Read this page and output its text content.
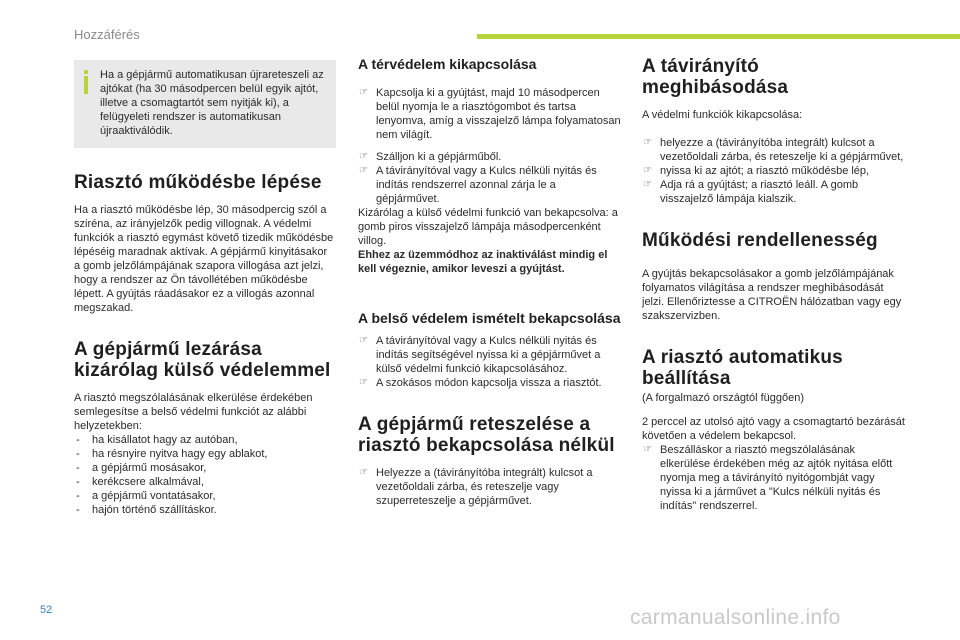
Hozzáférés
Ha a gépjármű automatikusan újrareteszeli az ajtókat (ha 30 másodpercen belül egyik ajtót, illetve a csomagtartót sem nyitják ki), a felügyeleti rendszer is automatikusan újraaktiválódik.
Riasztó működésbe lépése

Ha a riasztó működésbe lép, 30 másodpercig szól a sziréna, az irányjelzők pedig villognak. A védelmi funkciók a riasztó egymást követő tizedik működésbe lépéséig maradnak aktívak. A gépjármű kinyitásakor a gomb jelzőlámpájának szapora villogása azt jelzi, hogy a rendszer az Ön távollétében működésbe lépett. A gyújtás ráadásakor ez a villogás azonnal megszakad.

A gépjármű lezárása kizárólag külső védelemmel

A riasztó megszólalásának elkerülése érdekében semlegesítse a belső védelmi funkciót az alábbi helyzetekben:

- ha kisállatot hagy az autóban,
- ha résnyire nyitva hagy egy ablakot,
- a gépjármű mosásakor,
- kerékcsere alkalmával,
- a gépjármű vontatásakor,
- hajón történő szállításkor.
A térvédelem kikapcsolása
☞ Kapcsolja ki a gyújtást, majd 10 másodpercen belül nyomja le a riasztógombot és tartsa lenyomva, amíg a visszajelző lámpa folyamatosan nem világít.
☞ Szálljon ki a gépjárműből.
☞ A távirányítóval vagy a Kulcs nélküli nyitás és indítás rendszerrel azonnal zárja le a gépjárművet.

Kizárólag a külső védelmi funkció van bekapcsolva: a gomb piros visszajelző lámpája másodpercenként villog.

Ehhez az üzemmódhoz az inaktiválást mindig el kell végeznie, amikor leveszi a gyújtást.

A belső védelem ismételt bekapcsolása
☞ A távirányítóval vagy a Kulcs nélküli nyitás és indítás segítségével nyissa ki a gépjárművet a külső védelmi funkció kikapcsolásához.
☞ A szokásos módon kapcsolja vissza a riasztót.
A gépjármű reteszelése a riasztó bekapcsolása nélkül
☞ Helyezze a (távirányítóba integrált) kulcsot a vezetőoldali zárba, és reteszelje vagy szuperreteszelje a gépjárművet.
A távirányító meghibásodása

A védelmi funkciók kikapcsolása:

☞ helyezze a (távirányítóba integrált) kulcsot a vezetőoldali zárba, és reteszelje ki a gépjárművet,
☞ nyissa ki az ajtót; a riasztó működésbe lép,
☞ Adja rá a gyújtást; a riasztó leáll. A gomb visszajelző lámpája kialszik.
Működési rendellenesség

A gyújtás bekapcsolásakor a gomb jelzőlámpájának folyamatos világítása a rendszer meghibásodását jelzi. Ellenőriztesse a CITROËN hálózatban vagy egy szakszervizben.

A riasztó automatikus beállítása

(A forgalmazó országtól függően)

2 perccel az utolsó ajtó vagy a csomagtartó bezárását követően a védelem bekapcsol.

☞ Beszálláskor a riasztó megszólalásának elkerülése érdekében még az ajtók nyitása előtt nyomja meg a távirányító nyitógombját vagy nyissa ki a járművet a "Kulcs nélküli nyitás és indítás" rendszerrel.
52	carmanualsonline.info
